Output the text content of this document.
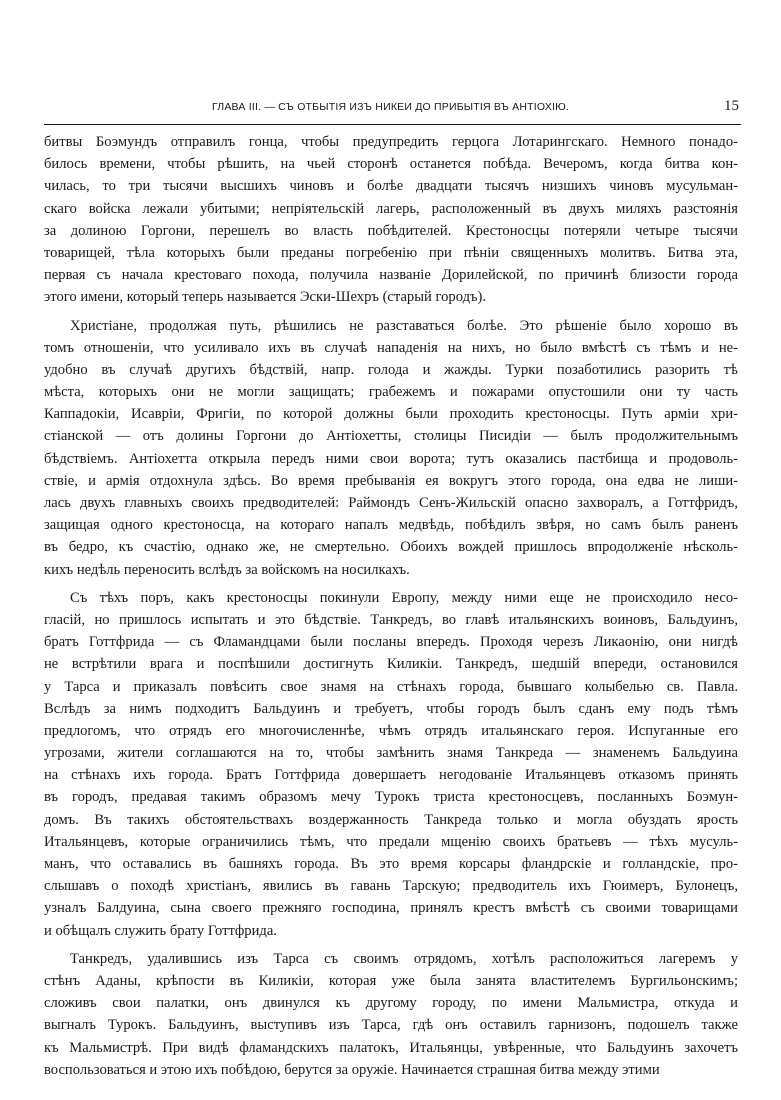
ГЛАВА III. — СЪ ОТБЫТІЯ ИЗЪ НИКЕИ ДО ПРИБЫТІЯ ВЪ АНТІОХІЮ.	15
битвы Боэмундъ отправилъ гонца, чтобы предупредить герцога Лотарингскаго. Немного понадо-
билось времени, чтобы рѣшить, на чьей сторонѣ останется побѣда. Вечеромъ, когда битва кон-
чилась, то три тысячи высшихъ чиновъ и болѣе двадцати тысячъ низшихъ чиновъ мусульман-
скаго войска лежали убитыми; непріятельскій лагерь, расположенный въ двухъ миляхъ разстоянія
за долиною Горгони, перешелъ во власть побѣдителей. Крестоносцы потеряли четыре тысячи
товарищей, тѣла которыхъ были преданы погребенію при пѣніи священныхъ молитвъ. Битва эта,
первая съ начала крестоваго похода, получила названіе Дорилейской, по причинѣ близости города
этого имени, который теперь называется Эски-Шехръ (старый городъ).
Христіане, продолжая путь, рѣшились не разставаться болѣе. Это рѣшеніе было хорошо въ
томъ отношеніи, что усиливало ихъ въ случаѣ нападенія на нихъ, но было вмѣстѣ съ тѣмъ и не-
удобно въ случаѣ другихъ бѣдствій, напр. голода и жажды. Турки позаботились разорить тѣ
мѣста, которыхъ они не могли защищать; грабежемъ и пожарами опустошили они ту часть
Каппадокіи, Исавріи, Фригіи, по которой должны были проходить крестоносцы. Путь арміи хри-
стіанской — отъ долины Горгони до Антіохетты, столицы Писидіи — былъ продолжительнымъ
бѣдствіемъ. Антіохетта открыла передъ ними свои ворота; тутъ оказались пастбища и продоволь-
ствіе, и армія отдохнула здѣсь. Во время пребыванія ея вокругъ этого города, она едва не лиши-
лась двухъ главныхъ своихъ предводителей: Раймондъ Сенъ-Жильскій опасно захворалъ, а Готтфридъ,
защищая одного крестоносца, на котораго напалъ медвѣдь, побѣдилъ звѣря, но самъ былъ раненъ
въ бедро, къ счастію, однако же, не смертельно. Обоихъ вождей пришлось впродолженіе нѣсколь-
кихъ недѣль переносить вслѣдъ за войскомъ на носилкахъ.
Съ тѣхъ поръ, какъ крестоносцы покинули Европу, между ними еще не происходило несо-
гласій, но пришлось испытать и это бѣдствіе. Танкредъ, во главѣ итальянскихъ воиновъ, Бальдуинъ,
братъ Готтфрида — съ Фламандцами были посланы впередъ. Проходя черезъ Ликаонію, они нигдѣ
не встрѣтили врага и поспѣшили достигнуть Киликіи. Танкредъ, шедшій впереди, остановился
у Тарса и приказалъ повѣсить свое знамя на стѣнахъ города, бывшаго колыбелью св. Павла.
Вслѣдъ за нимъ подходитъ Бальдуинъ и требуетъ, чтобы городъ былъ сданъ ему подъ тѣмъ
предлогомъ, что отрядъ его многочисленнѣе, чѣмъ отрядъ итальянскаго героя. Испуганные его
угрозами, жители соглашаются на то, чтобы замѣнить знамя Танкреда — знаменемъ Бальдуина
на стѣнахъ ихъ города. Братъ Готтфрида довершаетъ негодованіе Итальянцевъ отказомъ принять
въ городъ, предавая такимъ образомъ мечу Турокъ триста крестоносцевъ, посланныхъ Боэмун-
домъ. Въ такихъ обстоятельствахъ воздержанность Танкреда только и могла обуздать ярость
Итальянцевъ, которые ограничились тѣмъ, что предали мщенію своихъ братьевъ — тѣхъ мусуль-
манъ, что оставались въ башняхъ города. Въ это время корсары фландрскіе и голландскіе, про-
слышавъ о походѣ христіанъ, явились въ гавань Тарскую; предводитель ихъ Гюимеръ, Булонецъ,
узналъ Балдуина, сына своего прежняго господина, принялъ крестъ вмѣстѣ съ своими товарищами
и обѣщалъ служить брату Готтфрида.
Танкредъ, удалившись изъ Тарса съ своимъ отрядомъ, хотѣлъ расположиться лагеремъ у
стѣнъ Аданы, крѣпости въ Киликіи, которая уже была занята властителемъ Бургильонскимъ;
сложивъ свои палатки, онъ двинулся къ другому городу, по имени Мальмистра, откуда и
выгналъ Турокъ. Бальдуинъ, выступивъ изъ Тарса, гдѣ онъ оставилъ гарнизонъ, подошелъ также
къ Мальмистрѣ. При видѣ фламандскихъ палатокъ, Итальянцы, увѣренные, что Бальдуинъ захочетъ
воспользоваться и этою ихъ побѣдою, берутся за оружіе. Начинается страшная битва между этими
